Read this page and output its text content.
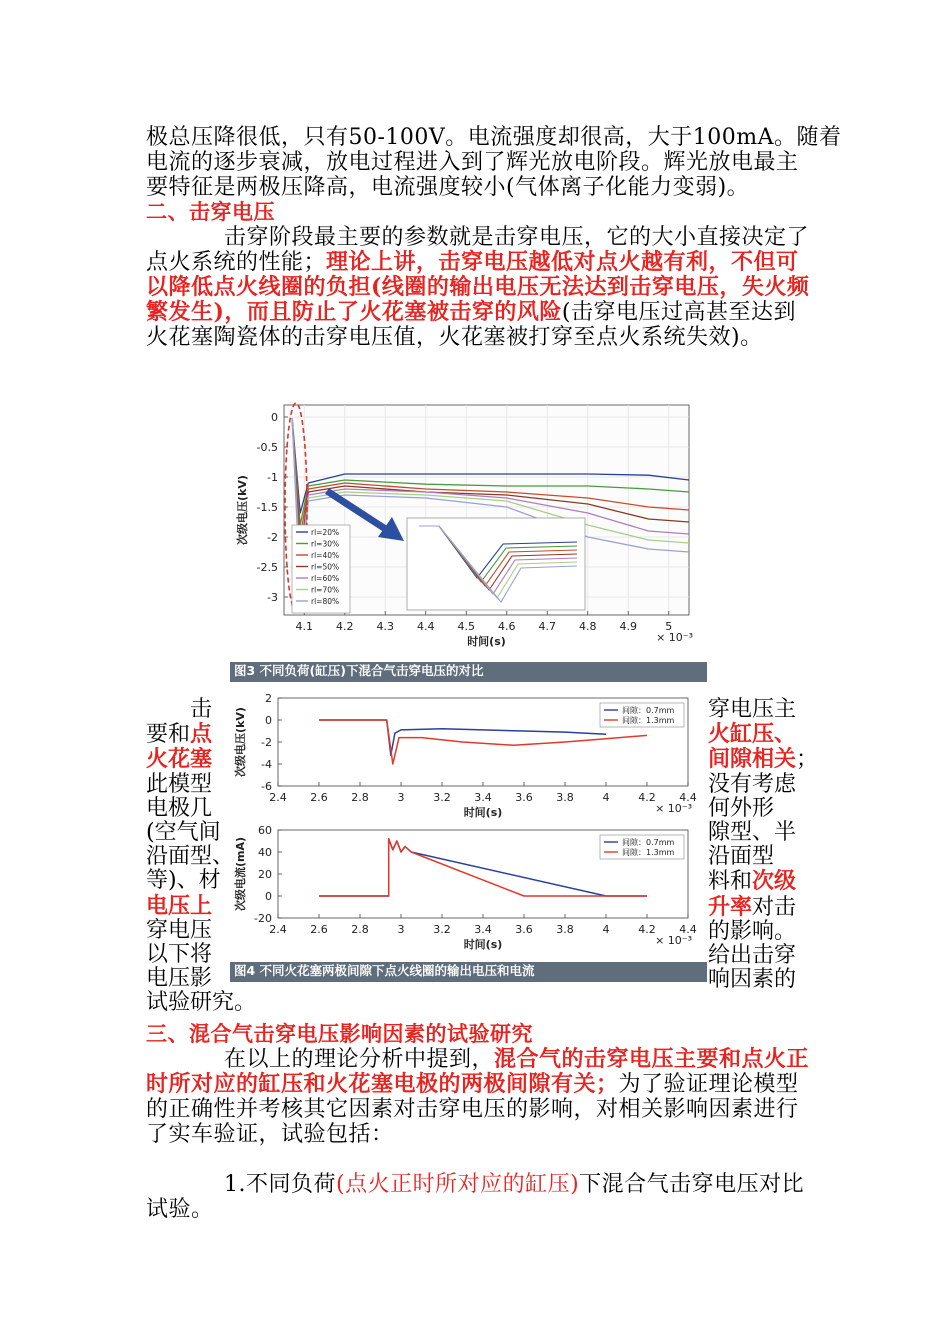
极总压降很低，只有50-100V。电流强度却很高，大于100mA。随着
电流的逐步衰减，放电过程进入到了辉光放电阶段。辉光放电最主
要特征是两极压降高，电流强度较小(气体离子化能力变弱)。
二、击穿电压
击穿阶段最主要的参数就是击穿电压，它的大小直接决定了
点火系统的性能；理论上讲，击穿电压越低对点火越有利，不但可
以降低点火线圈的负担(线圈的输出电压无法达到击穿电压，失火频
繁发生)，而且防止了火花塞被击穿的风险(击穿电压过高甚至达到
火花塞陶瓷体的击穿电压值，火花塞被打穿至点火系统失效)。
4.1 4.2 4.3 4.4 4.5 4.6 4.7 4.8 4.9	5
0
-0.5
-1
-1.5
-2
-2.5
-3
时间(s)
次级电压(kV)
× 10⁻³
rl=20%
rl=30%
rl=40%
rl=50%
rl=60%
rl=70%
rl=80%
图3 不同负荷(缸压)下混合气击穿电压的对比
2.4 2.6 2.8	3	3.2 3.4 3.6 3.8	4	4.2 4.4
2
0
-2
-4
-6
时间(s)
次级电压(kV)
× 10⁻³
间隙：0.7mm
间隙：1.3mm
2.4 2.6 2.8	3	3.2 3.4 3.6 3.8	4	4.2 4.4
60
40
20
0
-20
时间(s)
次级电流(mA)
× 10⁻³
间隙：0.7mm
间隙：1.3mm
图4 不同火花塞两极间隙下点火线圈的输出电压和电流
　　击
要和点
火花塞
此模型
电极几
(空气间
沿面型、
等)、材
电压上
穿电压
以下将
电压影
试验研究。
穿电压主
火缸压、
间隙相关；
没有考虑
何外形
隙型、半
沿面型
料和次级
升率对击
的影响。
给出击穿
响因素的
三、混合气击穿电压影响因素的试验研究
在以上的理论分析中提到，混合气的击穿电压主要和点火正
时所对应的缸压和火花塞电极的两极间隙有关；为了验证理论模型
的正确性并考核其它因素对击穿电压的影响，对相关影响因素进行
了实车验证，试验包括：
1.不同负荷(点火正时所对应的缸压)下混合气击穿电压对比
试验。
